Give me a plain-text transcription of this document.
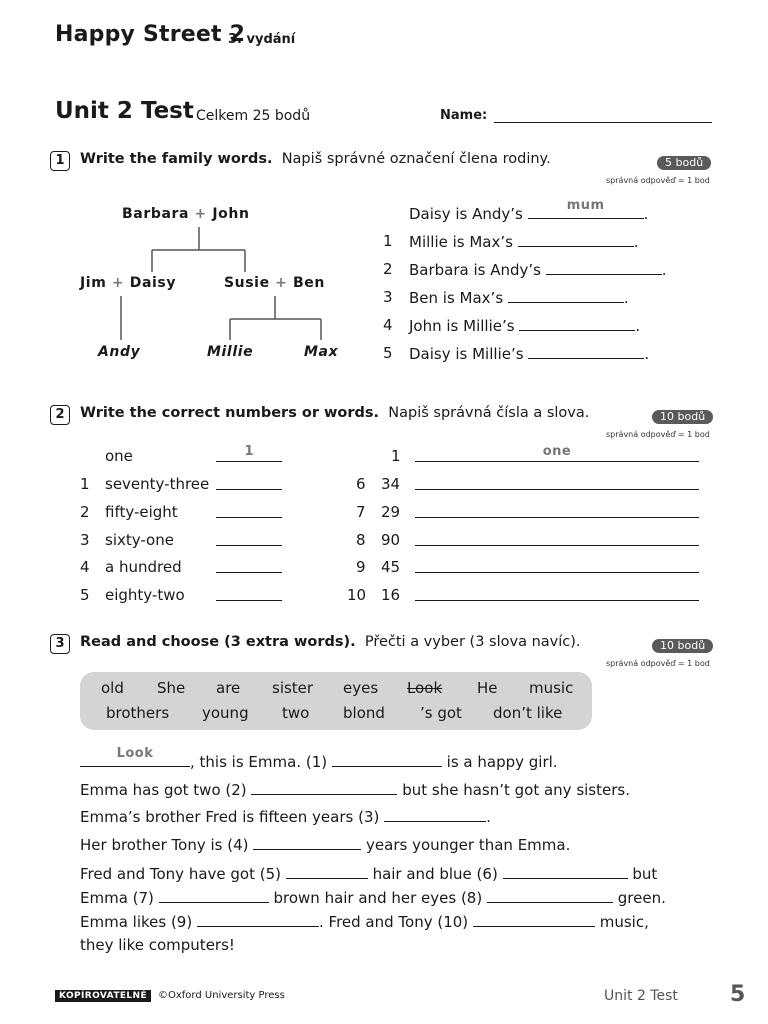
Happy Street 2
3. vydání
Unit 2 Test Celkem 25 bodů	Name:
1	Write the family words. Napiš správné označení člena rodiny.	5 bodů
správná odpověď = 1 bod
Barbara + John
Jim + Daisy	Susie + Ben
Andy	Millie	Max
Daisy is Andy’s	mum	.
1 Millie is Max’s	.
2 Barbara is Andy’s	.
3 Ben is Max’s	.
4 John is Millie’s	.
5 Daisy is Millie’s	.
2	Write the correct numbers or words. Napiš správná čísla a slova.	10 bodů
správná odpověď = 1 bod
one	1
1 seventy-three
2 fifty-eight
3 sixty-one
4 a hundred
5 eighty-two
1	one
6 34
7 29
8 90
9 45
10 16
3	Read and choose (3 extra words). Přečti a vyber (3 slova navíc).	10 bodů
správná odpověď = 1 bod
old She are sister eyes Look He music
brothers young two blond ’s got don’t like
Look	, this is Emma. (1)	is a happy girl.
Emma has got two (2)	but she hasn’t got any sisters.
Emma’s brother Fred is fifteen years (3)	.
Her brother Tony is (4)	years younger than Emma.
Fred and Tony have got (5)	hair and blue (6)	but
Emma (7)	brown hair and her eyes (8)	green.
Emma likes (9)	. Fred and Tony (10)	music,
they like computers!
KOPÍROVATELNÉ	©Oxford University Press	Unit 2 Test 5
